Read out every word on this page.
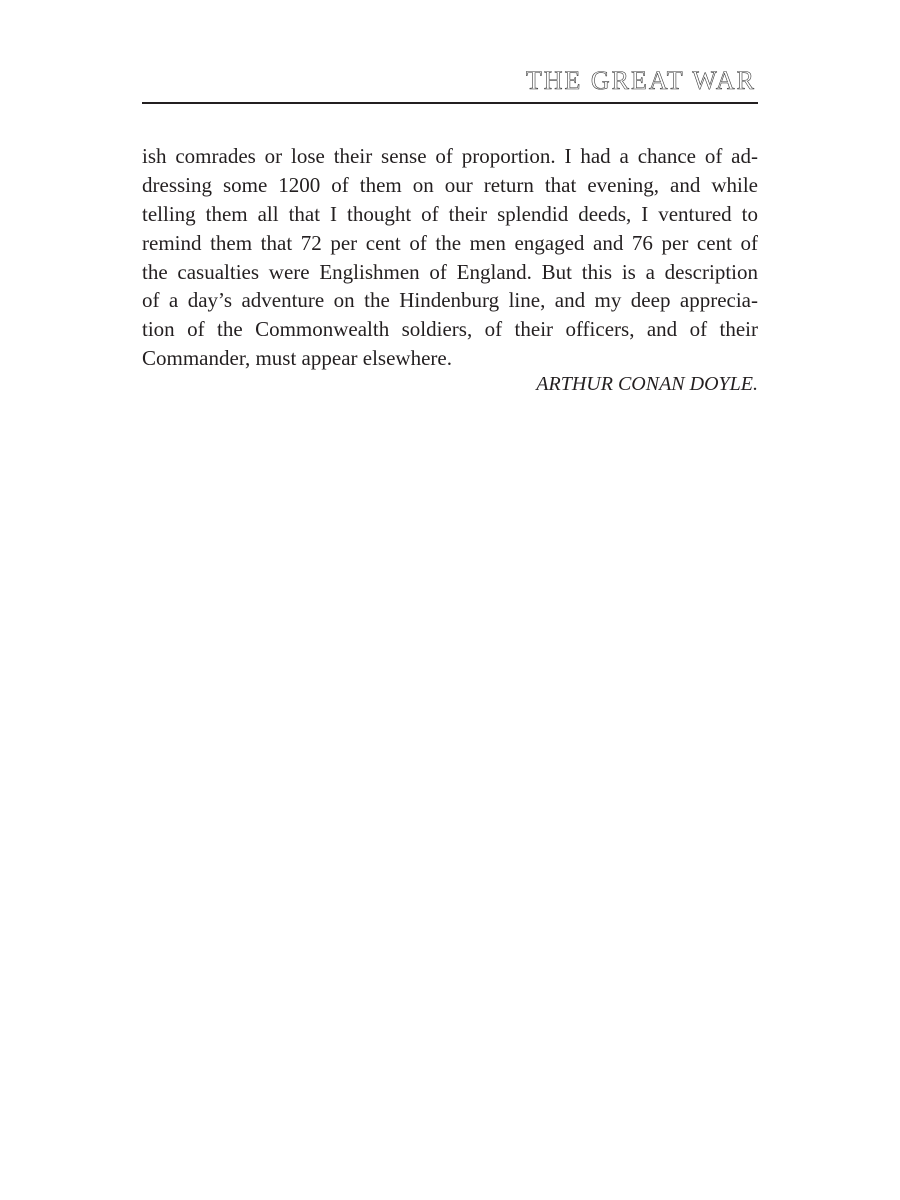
THE GREAT WAR
ish comrades or lose their sense of proportion. I had a chance of ad-
dressing some 1200 of them on our return that evening, and while
telling them all that I thought of their splendid deeds, I ventured to
remind them that 72 per cent of the men engaged and 76 per cent of
the casualties were Englishmen of England. But this is a description
of a day’s adventure on the Hindenburg line, and my deep apprecia-
tion of the Commonwealth soldiers, of their officers, and of their
Commander, must appear elsewhere.
ARTHUR CONAN DOYLE.
